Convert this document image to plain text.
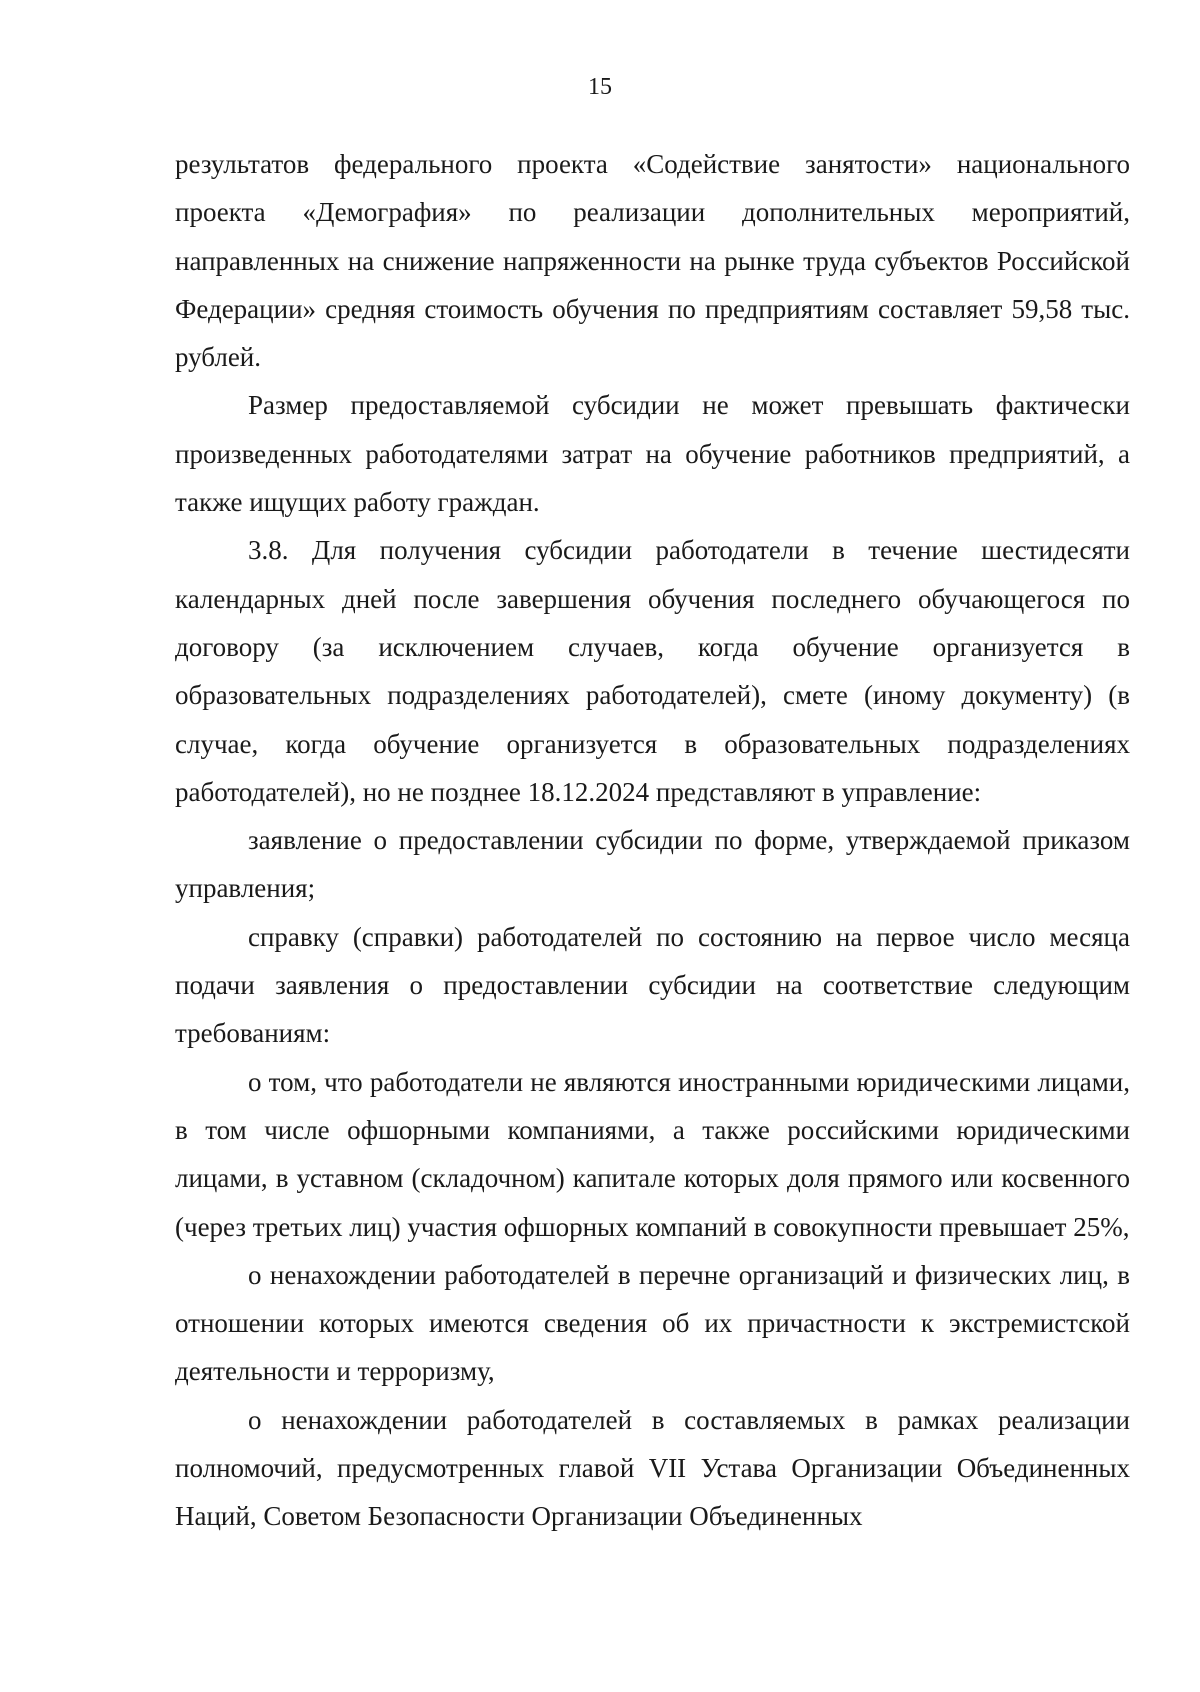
15

результатов федерального проекта «Содействие занятости» национального проекта «Демография» по реализации дополнительных мероприятий, направленных на снижение напряженности на рынке труда субъектов Российской Федерации» средняя стоимость обучения по предприятиям составляет 59,58 тыс. рублей.

Размер предоставляемой субсидии не может превышать фактически произведенных работодателями затрат на обучение работников предприятий, а также ищущих работу граждан.

3.8. Для получения субсидии работодатели в течение шестидесяти календарных дней после завершения обучения последнего обучающегося по договору (за исключением случаев, когда обучение организуется в образовательных подразделениях работодателей), смете (иному документу) (в случае, когда обучение организуется в образовательных подразделениях работодателей), но не позднее 18.12.2024 представляют в управление:

заявление о предоставлении субсидии по форме, утверждаемой приказом управления;

справку (справки) работодателей по состоянию на первое число месяца подачи заявления о предоставлении субсидии на соответствие следующим требованиям:

о том, что работодатели не являются иностранными юридическими лицами, в том числе офшорными компаниями, а также российскими юридическими лицами, в уставном (складочном) капитале которых доля прямого или косвенного (через третьих лиц) участия офшорных компаний в совокупности превышает 25%,

о ненахождении работодателей в перечне организаций и физических лиц, в отношении которых имеются сведения об их причастности к экстремистской деятельности и терроризму,

о ненахождении работодателей в составляемых в рамках реализации полномочий, предусмотренных главой VII Устава Организации Объединенных Наций, Советом Безопасности Организации Объединенных
